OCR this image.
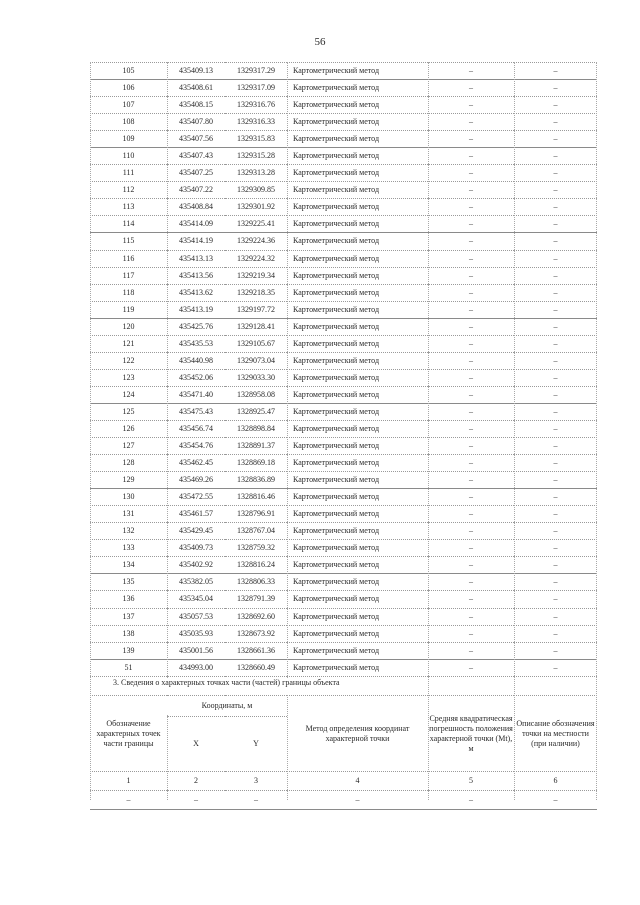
56
105	435409.13	1329317.29	Картометрический метод	–	–
106	435408.61	1329317.09	Картометрический метод	–	–
107	435408.15	1329316.76	Картометрический метод	–	–
108	435407.80	1329316.33	Картометрический метод	–	–
109	435407.56	1329315.83	Картометрический метод	–	–
110	435407.43	1329315.28	Картометрический метод	–	–
111	435407.25	1329313.28	Картометрический метод	–	–
112	435407.22	1329309.85	Картометрический метод	–	–
113	435408.84	1329301.92	Картометрический метод	–	–
114	435414.09	1329225.41	Картометрический метод	–	–
115	435414.19	1329224.36	Картометрический метод	–	–
116	435413.13	1329224.32	Картометрический метод	–	–
117	435413.56	1329219.34	Картометрический метод	–	–
118	435413.62	1329218.35	Картометрический метод	–	–
119	435413.19	1329197.72	Картометрический метод	–	–
120	435425.76	1329128.41	Картометрический метод	–	–
121	435435.53	1329105.67	Картометрический метод	–	–
122	435440.98	1329073.04	Картометрический метод	–	–
123	435452.06	1329033.30	Картометрический метод	–	–
124	435471.40	1328958.08	Картометрический метод	–	–
125	435475.43	1328925.47	Картометрический метод	–	–
126	435456.74	1328898.84	Картометрический метод	–	–
127	435454.76	1328891.37	Картометрический метод	–	–
128	435462.45	1328869.18	Картометрический метод	–	–
129	435469.26	1328836.89	Картометрический метод	–	–
130	435472.55	1328816.46	Картометрический метод	–	–
131	435461.57	1328796.91	Картометрический метод	–	–
132	435429.45	1328767.04	Картометрический метод	–	–
133	435409.73	1328759.32	Картометрический метод	–	–
134	435402.92	1328816.24	Картометрический метод	–	–
135	435382.05	1328806.33	Картометрический метод	–	–
136	435345.04	1328791.39	Картометрический метод	–	–
137	435057.53	1328692.60	Картометрический метод	–	–
138	435035.93	1328673.92	Картометрический метод	–	–
139	435001.56	1328661.36	Картометрический метод	–	–
51	434993.00	1328660.49	Картометрический метод	–	–
3. Сведения о характерных точках части (частей) границы объекта
Обозначение характерных точек части границы	Координаты, м		Метод определения координат характерной точки	Средняя квадратическая погрешность положения характерной точки (Мt), м	Описание обозначения точки на местности (при наличии)
	X	Y			
1	2	3	4	5	6
–	–	–	–	–	–
